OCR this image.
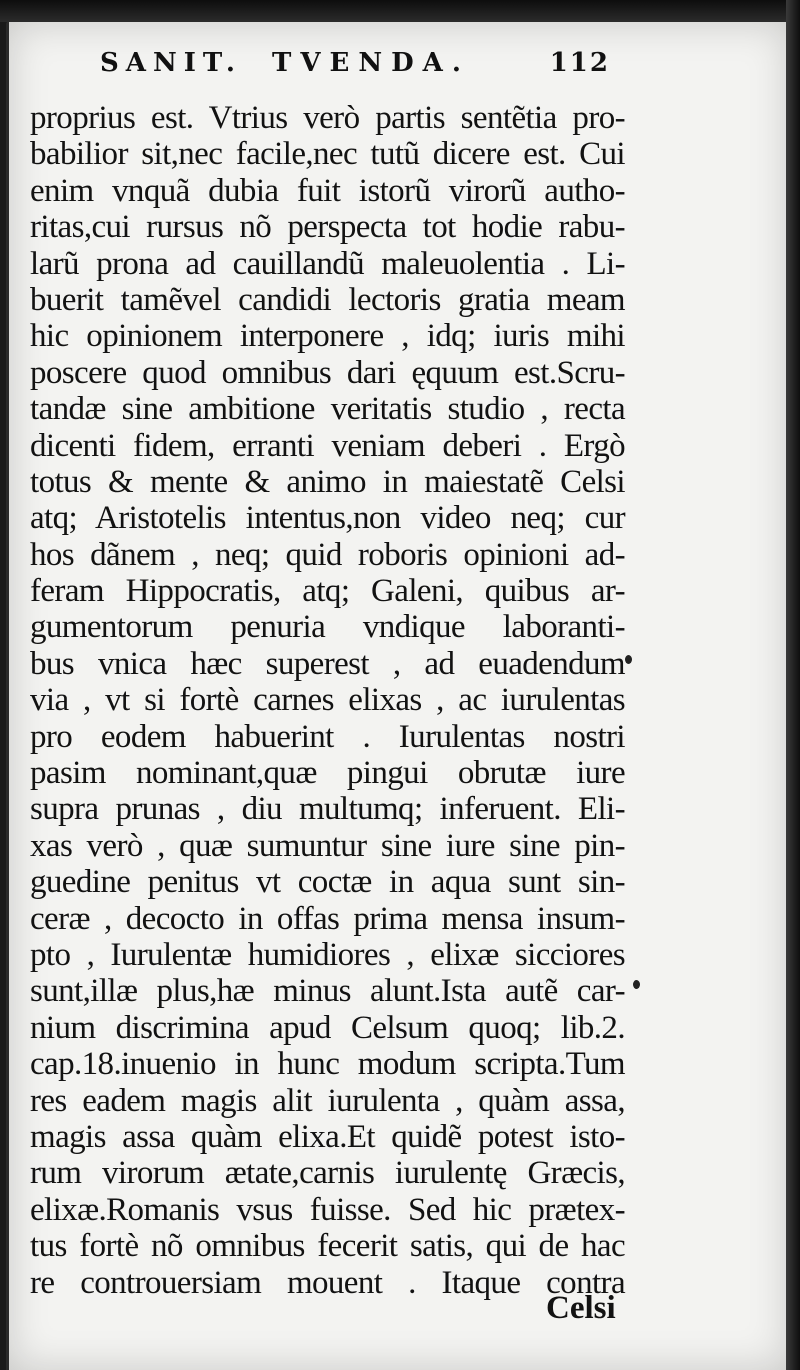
SANIT. TVENDA.	112
proprius est. Vtrius verò partis sentẽtia pro-
babilior sit,nec facile,nec tutũ dicere est. Cui
enim vnquã dubia fuit istorũ virorũ autho-
ritas,cui rursus nõ perspecta tot hodie rabu-
larũ prona ad cauillandũ maleuolentia . Li-
buerit tamẽvel candidi lectoris gratia meam
hic opinionem interponere , idq; iuris mihi
poscere quod omnibus dari ęquum est.Scru-
tandæ sine ambitione veritatis studio , recta
dicenti fidem, erranti veniam deberi . Ergò
totus & mente & animo in maiestatẽ Celsi
atq; Aristotelis intentus,non video neq; cur
hos dãnem , neq; quid roboris opinioni ad-
feram Hippocratis, atq; Galeni, quibus ar-
gumentorum penuria vndique laboranti-
bus vnica hæc superest , ad euadendum
via , vt si fortè carnes elixas , ac iurulentas
pro eodem habuerint . Iurulentas nostri
pasim nominant,quæ pingui obrutæ iure
supra prunas , diu multumq; inferuent. Eli-
xas verò , quæ sumuntur sine iure sine pin-
guedine penitus vt coctæ in aqua sunt sin-
ceræ , decocto in offas prima mensa insum-
pto , Iurulentæ humidiores , elixæ sicciores
sunt,illæ plus,hæ minus alunt.Ista autẽ car-
nium discrimina apud Celsum quoq; lib.2.
cap.18.inuenio in hunc modum scripta.Tum
res eadem magis alit iurulenta , quàm assa,
magis assa quàm elixa.Et quidẽ potest isto-
rum virorum ætate,carnis iurulentę Græcis,
elixæ.Romanis vsus fuisse. Sed hic prætex-
tus fortè nõ omnibus fecerit satis, qui de hac
re controuersiam mouent . Itaque contra
Celsi
